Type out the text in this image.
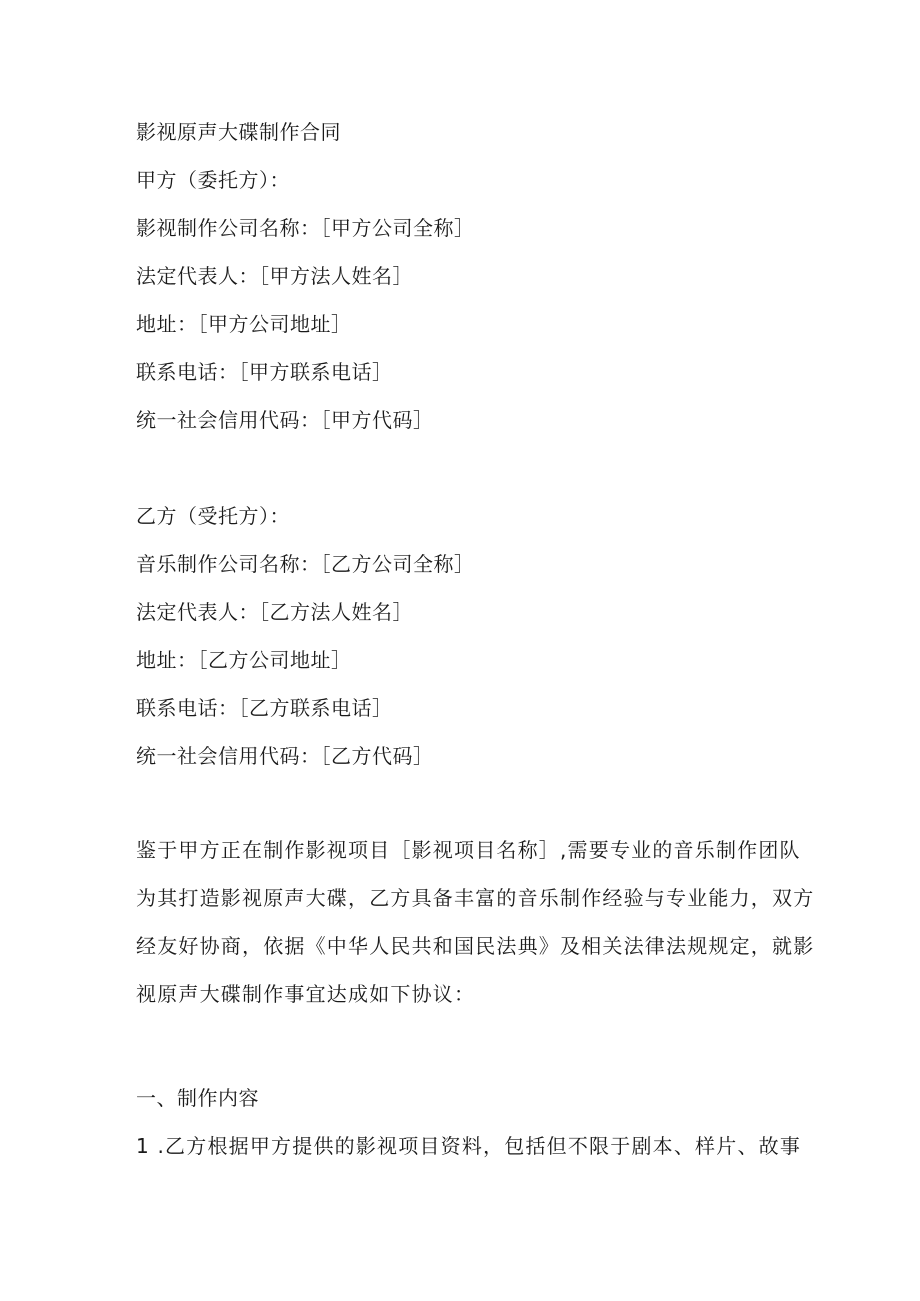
影视原声大碟制作合同
甲方（委托方）：
影视制作公司名称：［甲方公司全称］
法定代表人：［甲方法人姓名］
地址：［甲方公司地址］
联系电话：［甲方联系电话］
统一社会信用代码：［甲方代码］
乙方（受托方）：
音乐制作公司名称：［乙方公司全称］
法定代表人：［乙方法人姓名］
地址：［乙方公司地址］
联系电话：［乙方联系电话］
统一社会信用代码：［乙方代码］
鉴于甲方正在制作影视项目［影视项目名称］,需要专业的音乐制作团队
为其打造影视原声大碟，乙方具备丰富的音乐制作经验与专业能力，双方
经友好协商，依据《中华人民共和国民法典》及相关法律法规规定，就影
视原声大碟制作事宜达成如下协议：
一、制作内容
1 .乙方根据甲方提供的影视项目资料，包括但不限于剧本、样片、故事
